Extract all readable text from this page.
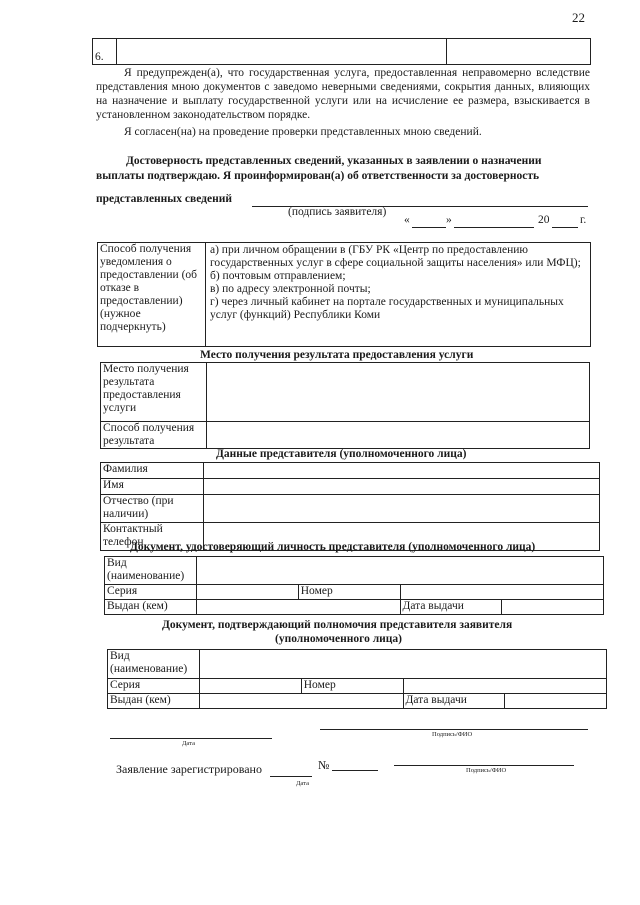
22
6.		
Я предупрежден(а), что государственная услуга, предоставленная неправомерно вследствие представления мною документов с заведомо неверными сведениями, сокрытия данных, влияющих на назначение и выплату государственной услуги или на исчисление ее размера, взыскивается в установленном законодательством порядке.
Я согласен(на) на проведение проверки представленных мною сведений.
Достоверность представленных сведений, указанных в заявлении о назначении
выплаты подтверждаю. Я проинформирован(а) об ответственности за достоверность
представленных сведений
(подпись заявителя)
«	»	20	г.
Способ получения уведомления о предоставлении (об отказе в предоставлении) (нужное подчеркнуть)	
а) при личном обращении в (ГБУ РК «Центр по предоставлению государственных услуг в сфере социальной защиты населения» или МФЦ);
б) почтовым отправлением;
в) по адресу электронной почты;
г) через личный кабинет на портале государственных и муниципальных услуг (функций) Республики Коми
Место получения результата предоставления услуги
Место получения результата предоставления услуги	
Способ получения результата	
Данные представителя (уполномоченного лица)
Фамилия	
Имя	
Отчество (при наличии)	
Контактный телефон	
Документ, удостоверяющий личность представителя (уполномоченного лица)
Вид (наименование)				
Серия		Номер		
Выдан (кем)			Дата выдачи	
Документ, подтверждающий полномочия представителя заявителя
(уполномоченного лица)
Вид (наименование)				
Серия		Номер		
Выдан (кем)			Дата выдачи	
Дата
Подпись/ФИО
Заявление зарегистрировано	№
Дата
Подпись/ФИО
